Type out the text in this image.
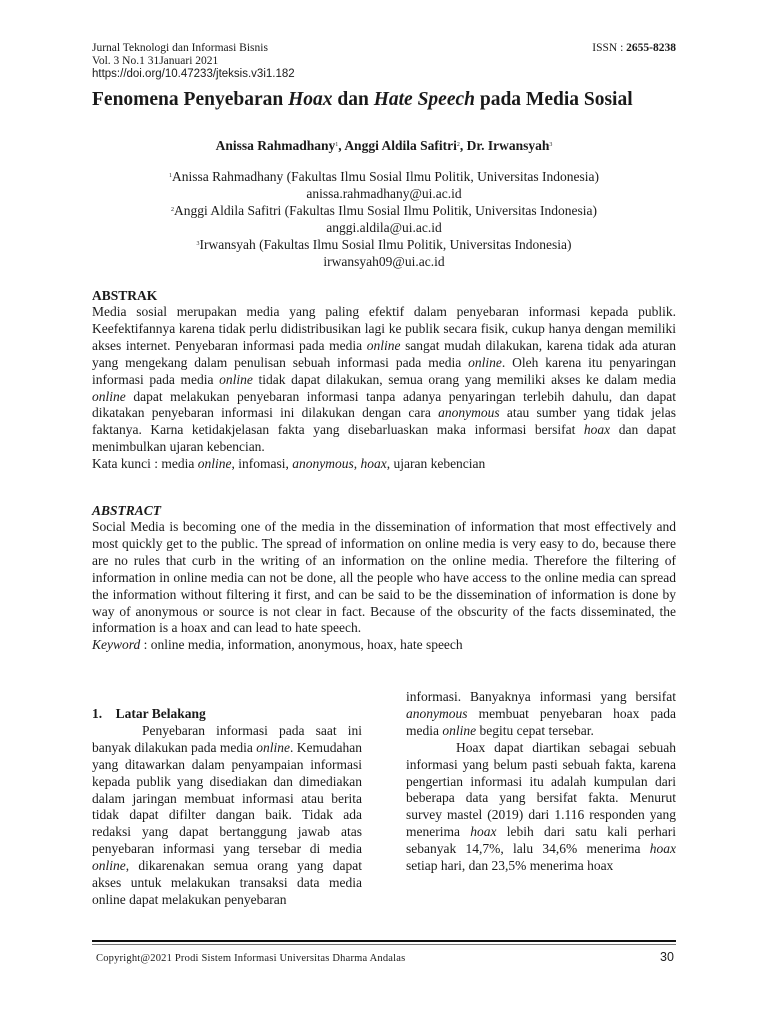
Jurnal Teknologi dan Informasi Bisnis	ISSN : 2655-8238
Vol. 3 No.1 31Januari 2021
https://doi.org/10.47233/jteksis.v3i1.182
Fenomena Penyebaran Hoax dan Hate Speech pada Media Sosial
Anissa Rahmadhany$^1$, Anggi Aldila Safitri$^2$, Dr. Irwansyah$^3$
$^1$Anissa Rahmadhany (Fakultas Ilmu Sosial Ilmu Politik, Universitas Indonesia)
anissa.rahmadhany@ui.ac.id
$^2$Anggi Aldila Safitri (Fakultas Ilmu Sosial Ilmu Politik, Universitas Indonesia)
anggi.aldila@ui.ac.id
$^3$Irwansyah (Fakultas Ilmu Sosial Ilmu Politik, Universitas Indonesia)
irwansyah09@ui.ac.id
ABSTRAK

Media sosial merupakan media yang paling efektif dalam penyebaran informasi kepada publik. Keefektifannya karena tidak perlu didistribusikan lagi ke publik secara fisik, cukup hanya dengan memiliki akses internet. Penyebaran informasi pada media online sangat mudah dilakukan, karena tidak ada aturan yang mengekang dalam penulisan sebuah informasi pada media online. Oleh karena itu penyaringan informasi pada media online tidak dapat dilakukan, semua orang yang memiliki akses ke dalam media online dapat melakukan penyebaran informasi tanpa adanya penyaringan terlebih dahulu, dan dapat dikatakan penyebaran informasi ini dilakukan dengan cara anonymous atau sumber yang tidak jelas faktanya. Karna ketidakjelasan fakta yang disebarluaskan maka informasi bersifat hoax dan dapat menimbulkan ujaran kebencian.

Kata kunci : media online, infomasi, anonymous, hoax, ujaran kebencian

ABSTRACT

Social Media is becoming one of the media in the dissemination of information that most effectively and most quickly get to the public. The spread of information on online media is very easy to do, because there are no rules that curb in the writing of an information on the online media. Therefore the filtering of information in online media can not be done, all the people who have access to the online media can spread the information without filtering it first, and can be said to be the dissemination of information is done by way of anonymous or source is not clear in fact. Because of the obscurity of the facts disseminated, the information is a hoax and can lead to hate speech.

Keyword : online media, information, anonymous, hoax, hate speech

1.    Latar Belakang

Penyebaran informasi pada saat ini banyak dilakukan pada media online. Kemudahan yang ditawarkan dalam penyampaian informasi kepada publik yang disediakan dan dimediakan dalam jaringan membuat informasi atau berita tidak dapat difilter dangan baik. Tidak ada redaksi yang dapat bertanggung jawab atas penyebaran informasi yang tersebar di media online, dikarenakan semua orang yang dapat akses untuk melakukan transaksi data media online dapat melakukan penyebaran

informasi. Banyaknya informasi yang bersifat anonymous membuat penyebaran hoax pada media online begitu cepat tersebar.

Hoax dapat diartikan sebagai sebuah informasi yang belum pasti sebuah fakta, karena pengertian informasi itu adalah kumpulan dari beberapa data yang bersifat fakta. Menurut survey mastel (2019) dari 1.116 responden yang menerima hoax lebih dari satu kali perhari sebanyak 14,7%, lalu 34,6% menerima hoax setiap hari, dan 23,5% menerima hoax

Copyright@2021 Prodi Sistem Informasi Universitas Dharma Andalas	30
